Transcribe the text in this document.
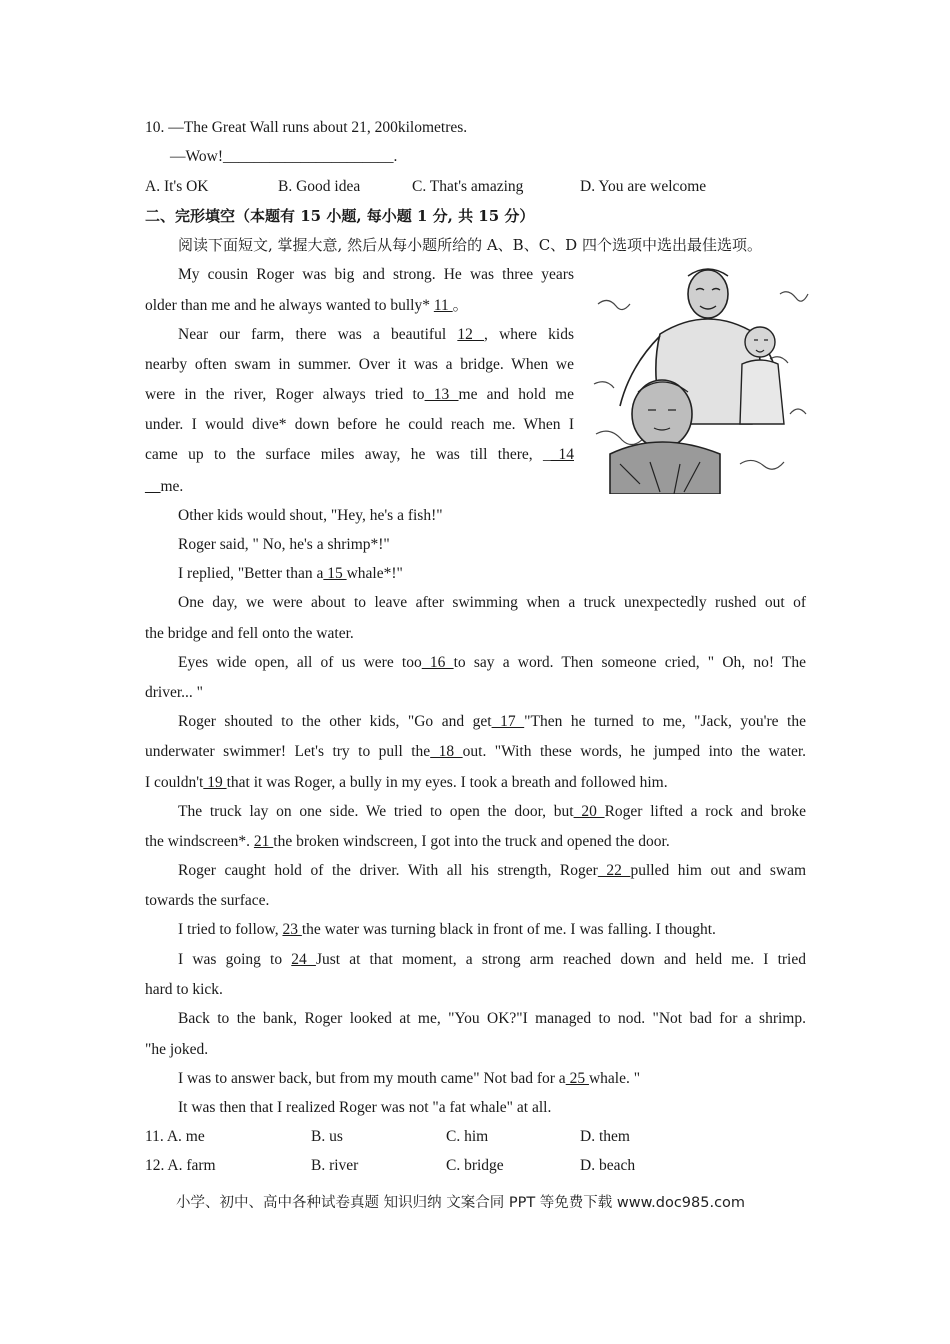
10. —The Great Wall runs about 21, 200kilometres.
—Wow!______________________.
A. It's OK	B. Good idea	C. That's amazing	D. You are welcome
二、完形填空（本题有 15 小题, 每小题 1 分, 共 15 分）
阅读下面短文, 掌握大意, 然后从每小题所给的 A、B、C、D 四个选项中选出最佳选项。
My cousin Roger was big and strong. He was three years
older than me and he always wanted to bully* 11 。
Near our farm, there was a beautiful 12 , where kids
nearby often swam in summer. Over it was a bridge. When we
were in the river, Roger always tried to 13 me and hold me
under. I would dive* down before he could reach me. When I
came up to the surface miles away, he was till there, __14
__me.
Other kids would shout, "Hey, he's a fish!"
Roger said, " No, he's a shrimp*!"
I replied, "Better than a 15 whale*!"
One day, we were about to leave after swimming when a truck unexpectedly rushed out of
the bridge and fell onto the water.
Eyes wide open, all of us were too 16 to say a word. Then someone cried, " Oh, no! The
driver... "
Roger shouted to the other kids, "Go and get 17 "Then he turned to me, "Jack, you're the
underwater swimmer! Let's try to pull the 18 out. "With these words, he jumped into the water.
I couldn't 19 that it was Roger, a bully in my eyes. I took a breath and followed him.
The truck lay on one side. We tried to open the door, but 20 Roger lifted a rock and broke
the windscreen*. 21 the broken windscreen, I got into the truck and opened the door.
Roger caught hold of the driver. With all his strength, Roger 22 pulled him out and swam
towards the surface.
I tried to follow, 23 the water was turning black in front of me. I was falling. I thought.
I was going to 24 Just at that moment, a strong arm reached down and held me. I tried
hard to kick.
Back to the bank, Roger looked at me, "You OK?"I managed to nod. "Not bad for a shrimp.
"he joked.
I was to answer back, but from my mouth came" Not bad for a 25 whale. "
It was then that I realized Roger was not "a fat whale" at all.
11. A. me	B. us	C. him	D. them
12. A. farm	B. river	C. bridge	D. beach
小学、初中、高中各种试卷真题 知识归纳 文案合同 PPT 等免费下载 www.doc985.com
